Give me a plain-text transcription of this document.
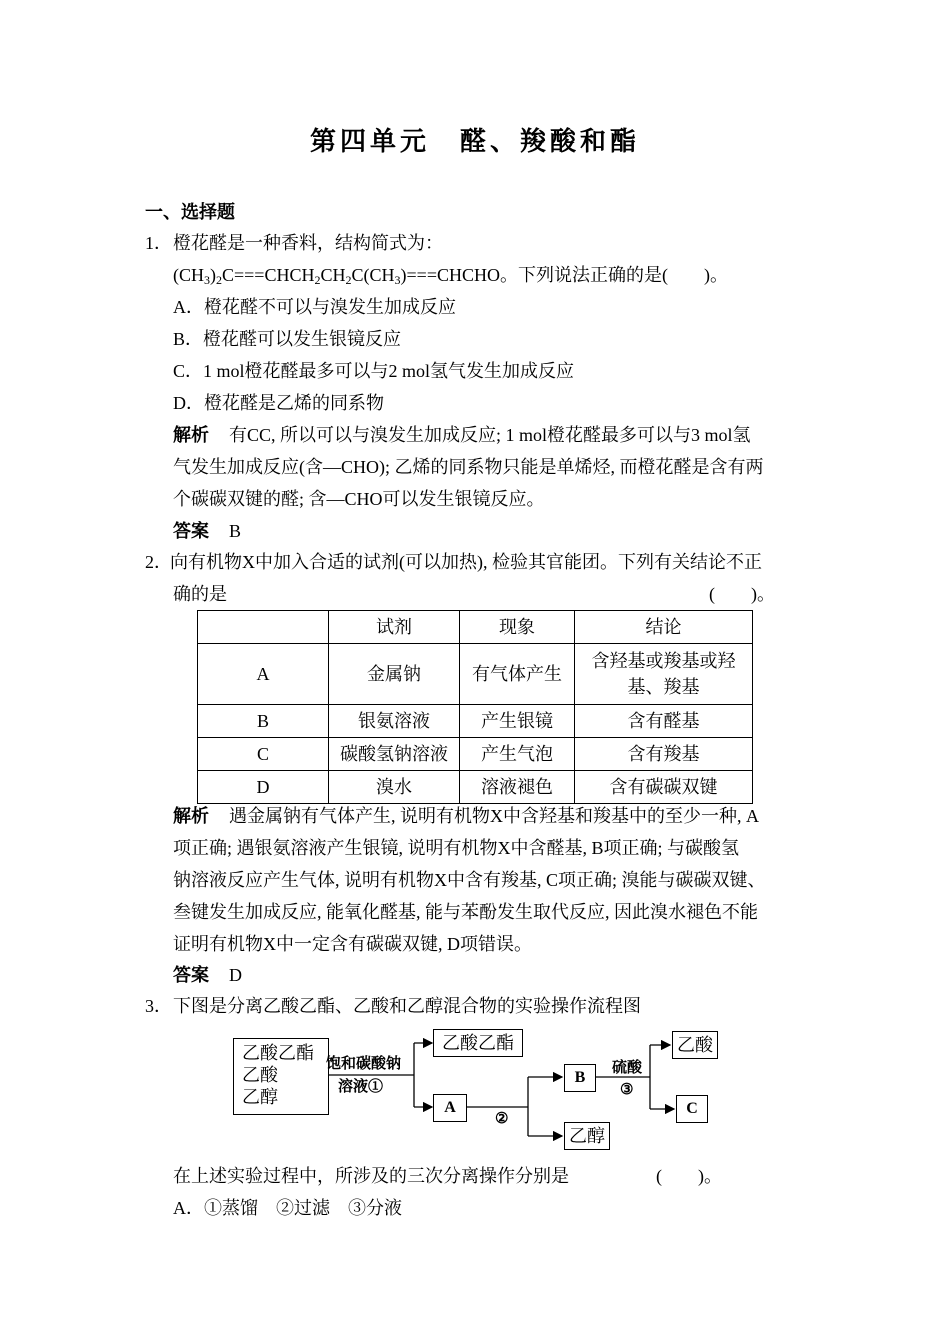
第四单元　醛、羧酸和酯
一、选择题
1． 橙花醛是一种香料，结构简式为：
$(CH_3)_2C===CHCH_2CH_2C(CH_3)===CHCHO$。下列说法正确的是(　　)。
A．橙花醛不可以与溴发生加成反应
B．橙花醛可以发生银镜反应
C．1 mol橙花醛最多可以与2 mol氢气发生加成反应
D．橙花醛是乙烯的同系物
解析 有CC, 所以可以与溴发生加成反应; 1 mol橙花醛最多可以与3 mol氢
气发生加成反应(含—CHO); 乙烯的同系物只能是单烯烃, 而橙花醛是含有两
个碳碳双键的醛; 含—CHO可以发生银镜反应。
答案 B
2．
向有机物X中加入合适的试剂(可以加热), 检验其官能团。下列有关结论不正
确的是	(　　)。
	试剂	现象	结论
A	金属钠	有气体产生	含羟基或羧基或羟基、羧基
B	银氨溶液	产生银镜	含有醛基
C	碳酸氢钠溶液	产生气泡	含有羧基
D	溴水	溶液褪色	含有碳碳双键
解析 遇金属钠有气体产生, 说明有机物X中含羟基和羧基中的至少一种, A
项正确; 遇银氨溶液产生银镜, 说明有机物X中含醛基, B项正确; 与碳酸氢
钠溶液反应产生气体, 说明有机物X中含有羧基, C项正确; 溴能与碳碳双键、
叁键发生加成反应, 能氧化醛基, 能与苯酚发生取代反应, 因此溴水褪色不能
证明有机物X中一定含有碳碳双键, D项错误。
答案 D
3． 下图是分离乙酸乙酯、乙酸和乙醇混合物的实验操作流程图
乙酸乙酯
乙酸
乙醇
饱和碳酸钠
溶液①
乙酸乙酯
A
②
B
乙醇
硫酸
③
乙酸
C
在上述实验过程中，所涉及的三次分离操作分别是	(　　)。
A．①蒸馏　②过滤　③分液
